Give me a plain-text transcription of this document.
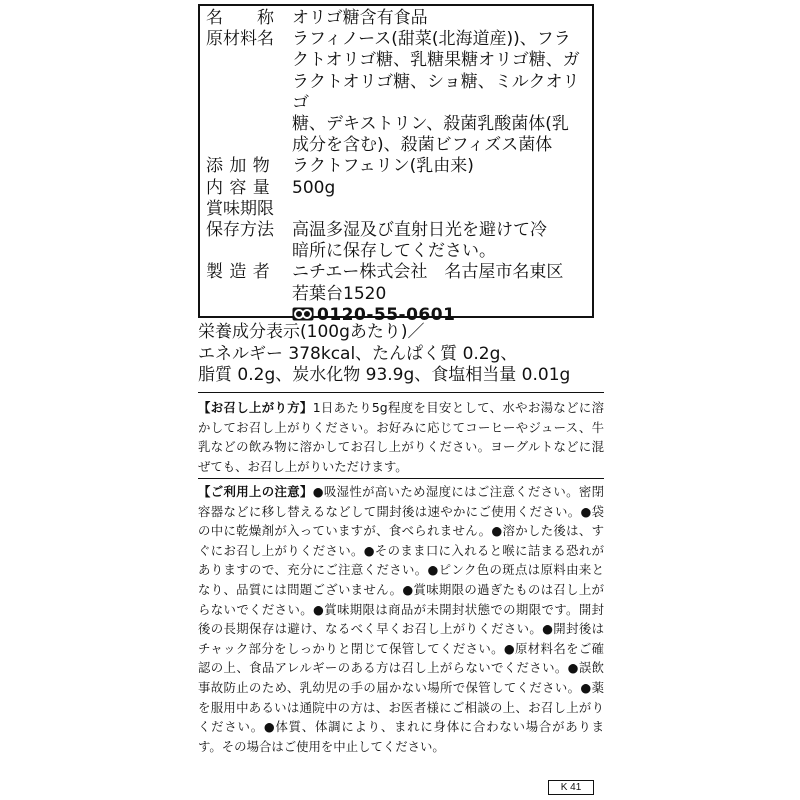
名　　称	オリゴ糖含有食品
原材料名	ラフィノース(甜菜(北海道産))、フラ
クトオリゴ糖、乳糖果糖オリゴ糖、ガ
ラクトオリゴ糖、ショ糖、ミルクオリゴ
糖、デキストリン、殺菌乳酸菌体(乳
成分を含む)、殺菌ビフィズス菌体
添 加 物	ラクトフェリン(乳由来)
内 容 量	500g
賞味期限
保存方法	高温多湿及び直射日光を避けて冷
暗所に保存してください。
製 造 者	ニチエー株式会社　名古屋市名東区
若葉台1520
0120-55-0601
栄養成分表示(100gあたり)／
エネルギー 378kcal、たんぱく質 0.2g、
脂質 0.2g、炭水化物 93.9g、食塩相当量 0.01g
【お召し上がり方】1日あたり5g程度を目安として、水やお湯などに溶かしてお召し上がりください。お好みに応じてコーヒーやジュース、牛乳などの飲み物に溶かしてお召し上がりください。ヨーグルトなどに混ぜても、お召し上がりいただけます。
【ご利用上の注意】●吸湿性が高いため湿度にはご注意ください。密閉容器などに移し替えるなどして開封後は速やかにご使用ください。●袋の中に乾燥剤が入っていますが、食べられません。●溶かした後は、すぐにお召し上がりください。●そのまま口に入れると喉に詰まる恐れがありますので、充分にご注意ください。●ピンク色の斑点は原料由来となり、品質には問題ございません。●賞味期限の過ぎたものは召し上がらないでください。●賞味期限は商品が未開封状態での期限です。開封後の長期保存は避け、なるべく早くお召し上がりください。●開封後はチャック部分をしっかりと閉じて保管してください。●原材料名をご確認の上、食品アレルギーのある方は召し上がらないでください。●誤飲事故防止のため、乳幼児の手の届かない場所で保管してください。●薬を服用中あるいは通院中の方は、お医者様にご相談の上、お召し上がりください。●体質、体調により、まれに身体に合わない場合があります。その場合はご使用を中止してください。
K 41
